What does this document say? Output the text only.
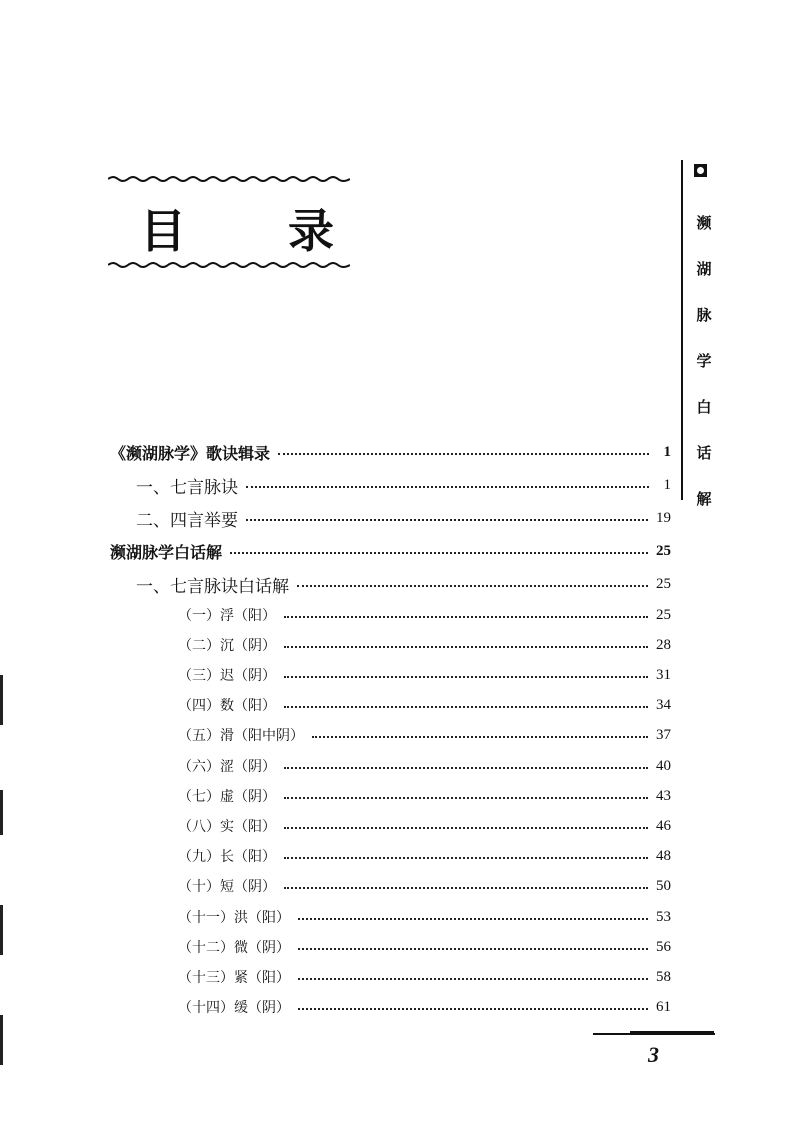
目 录	濒
湖
脉
学
白
话
解
《濒湖脉学》歌诀辑录	1
一、七言脉诀	1
二、四言举要	19
濒湖脉学白话解	25
一、七言脉诀白话解	25
（一）浮（阳）	25
（二）沉（阴）	28
（三）迟（阴）	31
（四）数（阳）	34
（五）滑（阳中阴）	37
（六）涩（阴）	40
（七）虚（阴）	43
（八）实（阳）	46
（九）长（阳）	48
（十）短（阴）	50
（十一）洪（阳）	53
（十二）微（阴）	56
（十三）紧（阳）	58
（十四）缓（阴）	61
3
